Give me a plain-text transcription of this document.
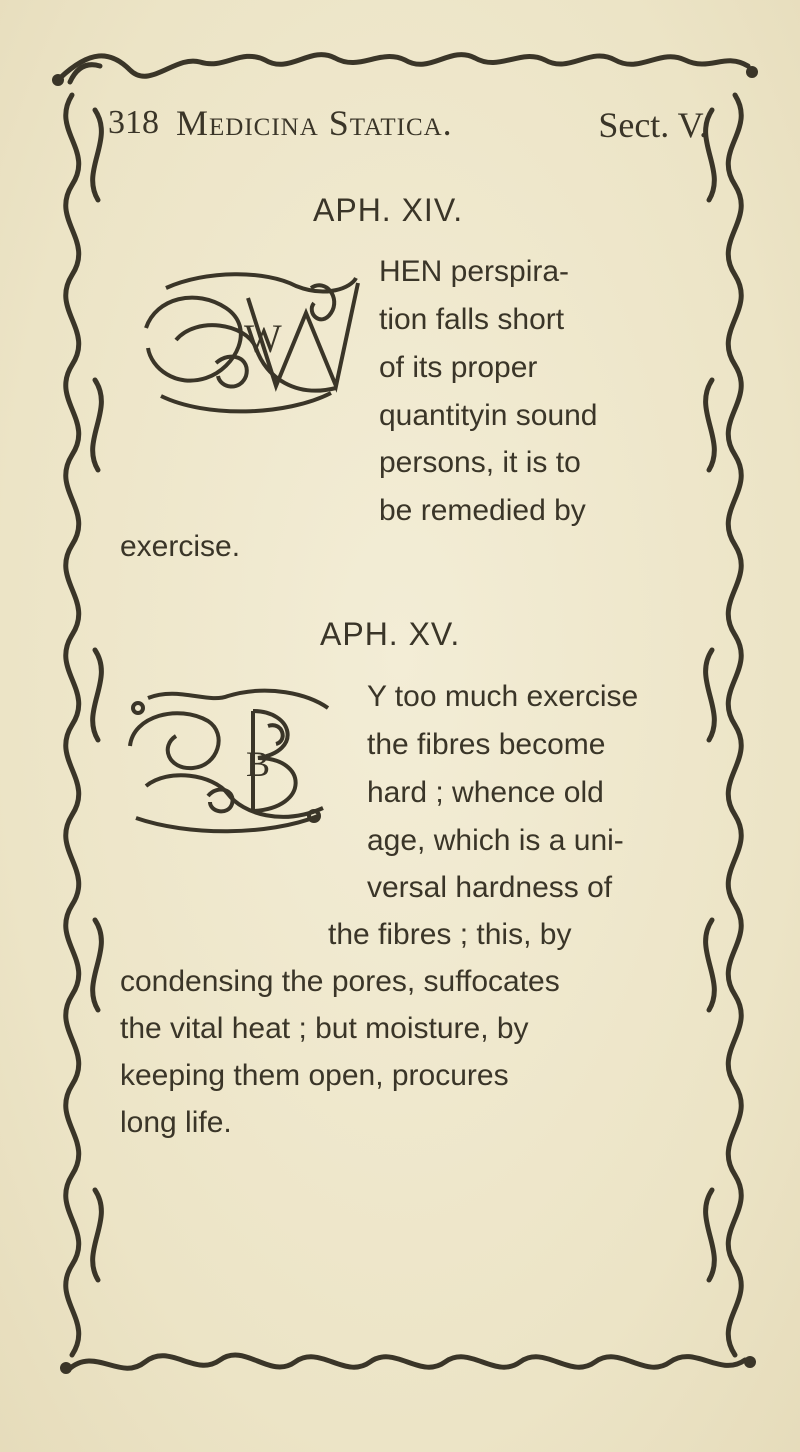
318 Medicina Statica.	Sect. V.
APH. XIV.
W
HEN perspira-
tion falls short
of its proper
quantityin sound
persons, it is to
be remedied by
exercise.
APH. XV.
B
Y too much exercise
the fibres become
hard ; whence old
age, which is a uni-
versal hardness of
the fibres ; this, by
condensing the pores, suffocates
the vital heat ; but moisture, by
keeping them open, procures
long life.
